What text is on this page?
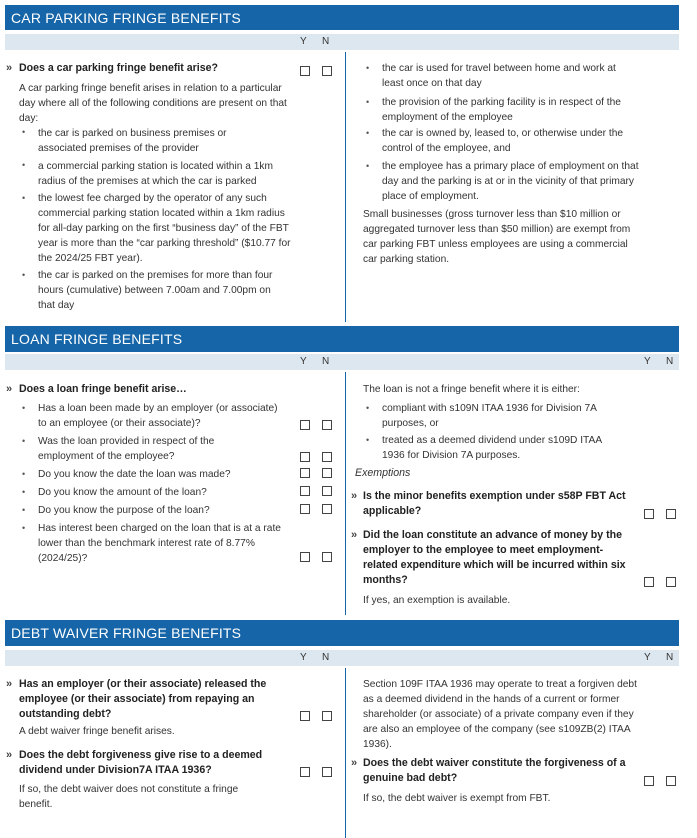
CAR PARKING FRINGE BENEFITS
Y N
» Does a car parking fringe benefit arise?
A car parking fringe benefit arises in relation to a particular day where all of the following conditions are present on that day:
• the car is parked on business premises or associated premises of the provider
• a commercial parking station is located within a 1km radius of the premises at which the car is parked
• the lowest fee charged by the operator of any such commercial parking station located within a 1km radius for all-day parking on the first “business day” of the FBT year is more than the “car parking threshold” ($10.77 for the 2024/25 FBT year).
• the car is parked on the premises for more than four hours (cumulative) between 7.00am and 7.00pm on that day
• the car is used for travel between home and work at least once on that day
• the provision of the parking facility is in respect of the employment of the employee
• the car is owned by, leased to, or otherwise under the control of the employee, and
• the employee has a primary place of employment on that day and the parking is at or in the vicinity of that primary place of employment.
Small businesses (gross turnover less than $10 million or aggregated turnover less than $50 million) are exempt from car parking FBT unless employees are using a commercial car parking station.
LOAN FRINGE BENEFITS
Y N	Y N
» Does a loan fringe benefit arise…
• Has a loan been made by an employer (or associate) to an employee (or their associate)?
• Was the loan provided in respect of the employment of the employee?
• Do you know the date the loan was made?
• Do you know the amount of the loan?
• Do you know the purpose of the loan?
• Has interest been charged on the loan that is at a rate lower than the benchmark interest rate of 8.77% (2024/25)?
The loan is not a fringe benefit where it is either:
• compliant with s109N ITAA 1936 for Division 7A purposes, or
• treated as a deemed dividend under s109D ITAA 1936 for Division 7A purposes.
Exemptions
» Is the minor benefits exemption under s58P FBT Act applicable?
» Did the loan constitute an advance of money by the employer to the employee to meet employment-related expenditure which will be incurred within six months?
If yes, an exemption is available.
DEBT WAIVER FRINGE BENEFITS
Y N	Y N
» Has an employer (or their associate) released the employee (or their associate) from repaying an outstanding debt?
A debt waiver fringe benefit arises.
» Does the debt forgiveness give rise to a deemed dividend under Division7A ITAA 1936?
If so, the debt waiver does not constitute a fringe benefit.
Section 109F ITAA 1936 may operate to treat a forgiven debt as a deemed dividend in the hands of a current or former shareholder (or associate) of a private company even if they are also an employee of the company (see s109ZB(2) ITAA 1936).
» Does the debt waiver constitute the forgiveness of a genuine bad debt?
If so, the debt waiver is exempt from FBT.
